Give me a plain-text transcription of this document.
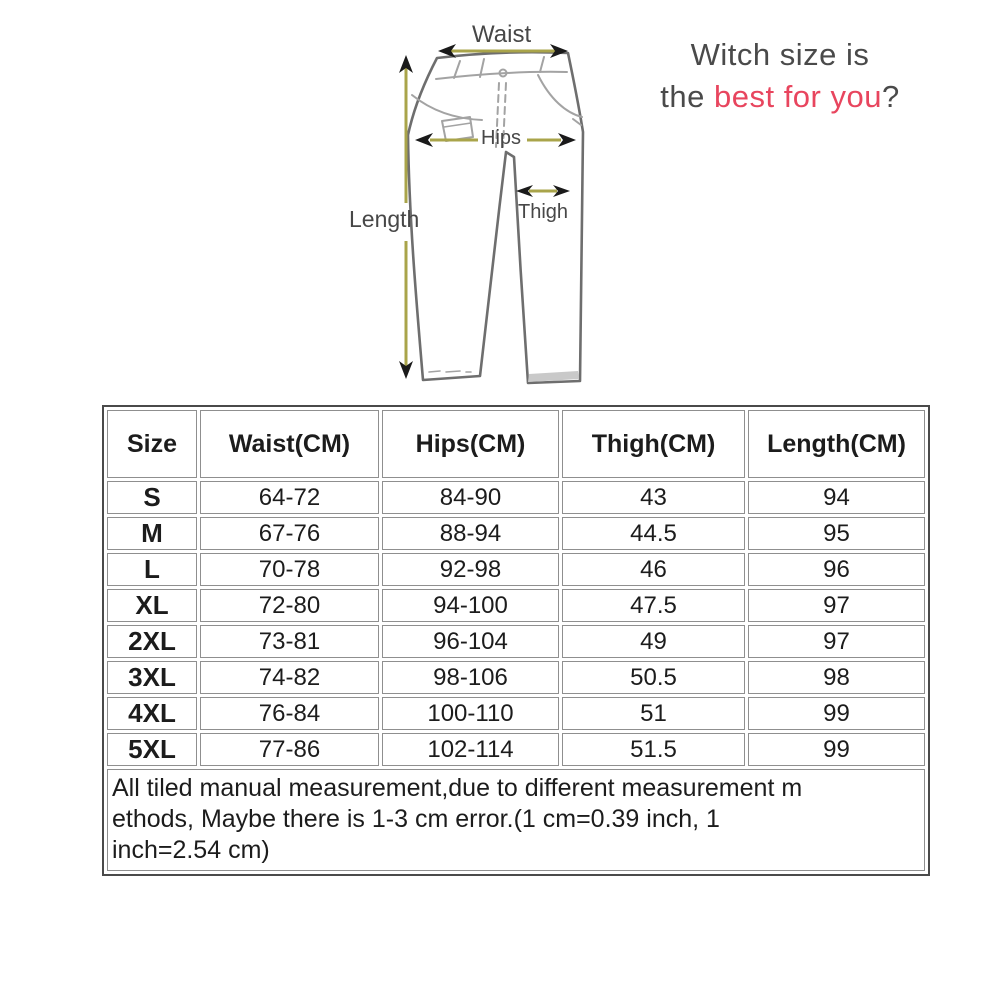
Witch size is
the best for you?
Waist
Hips
Thigh
Length
Size	Waist(CM)	Hips(CM)	Thigh(CM)	Length(CM)
S	64-72	84-90	43	94
M	67-76	88-94	44.5	95
L	70-78	92-98	46	96
XL	72-80	94-100	47.5	97
2XL	73-81	96-104	49	97
3XL	74-82	98-106	50.5	98
4XL	76-84	100-110	51	99
5XL	77-86	102-114	51.5	99

All tiled manual measurement,due to different measurement m
ethods, Maybe there is 1-3 cm error.(1 cm=0.39 inch, 1
inch=2.54 cm)				
